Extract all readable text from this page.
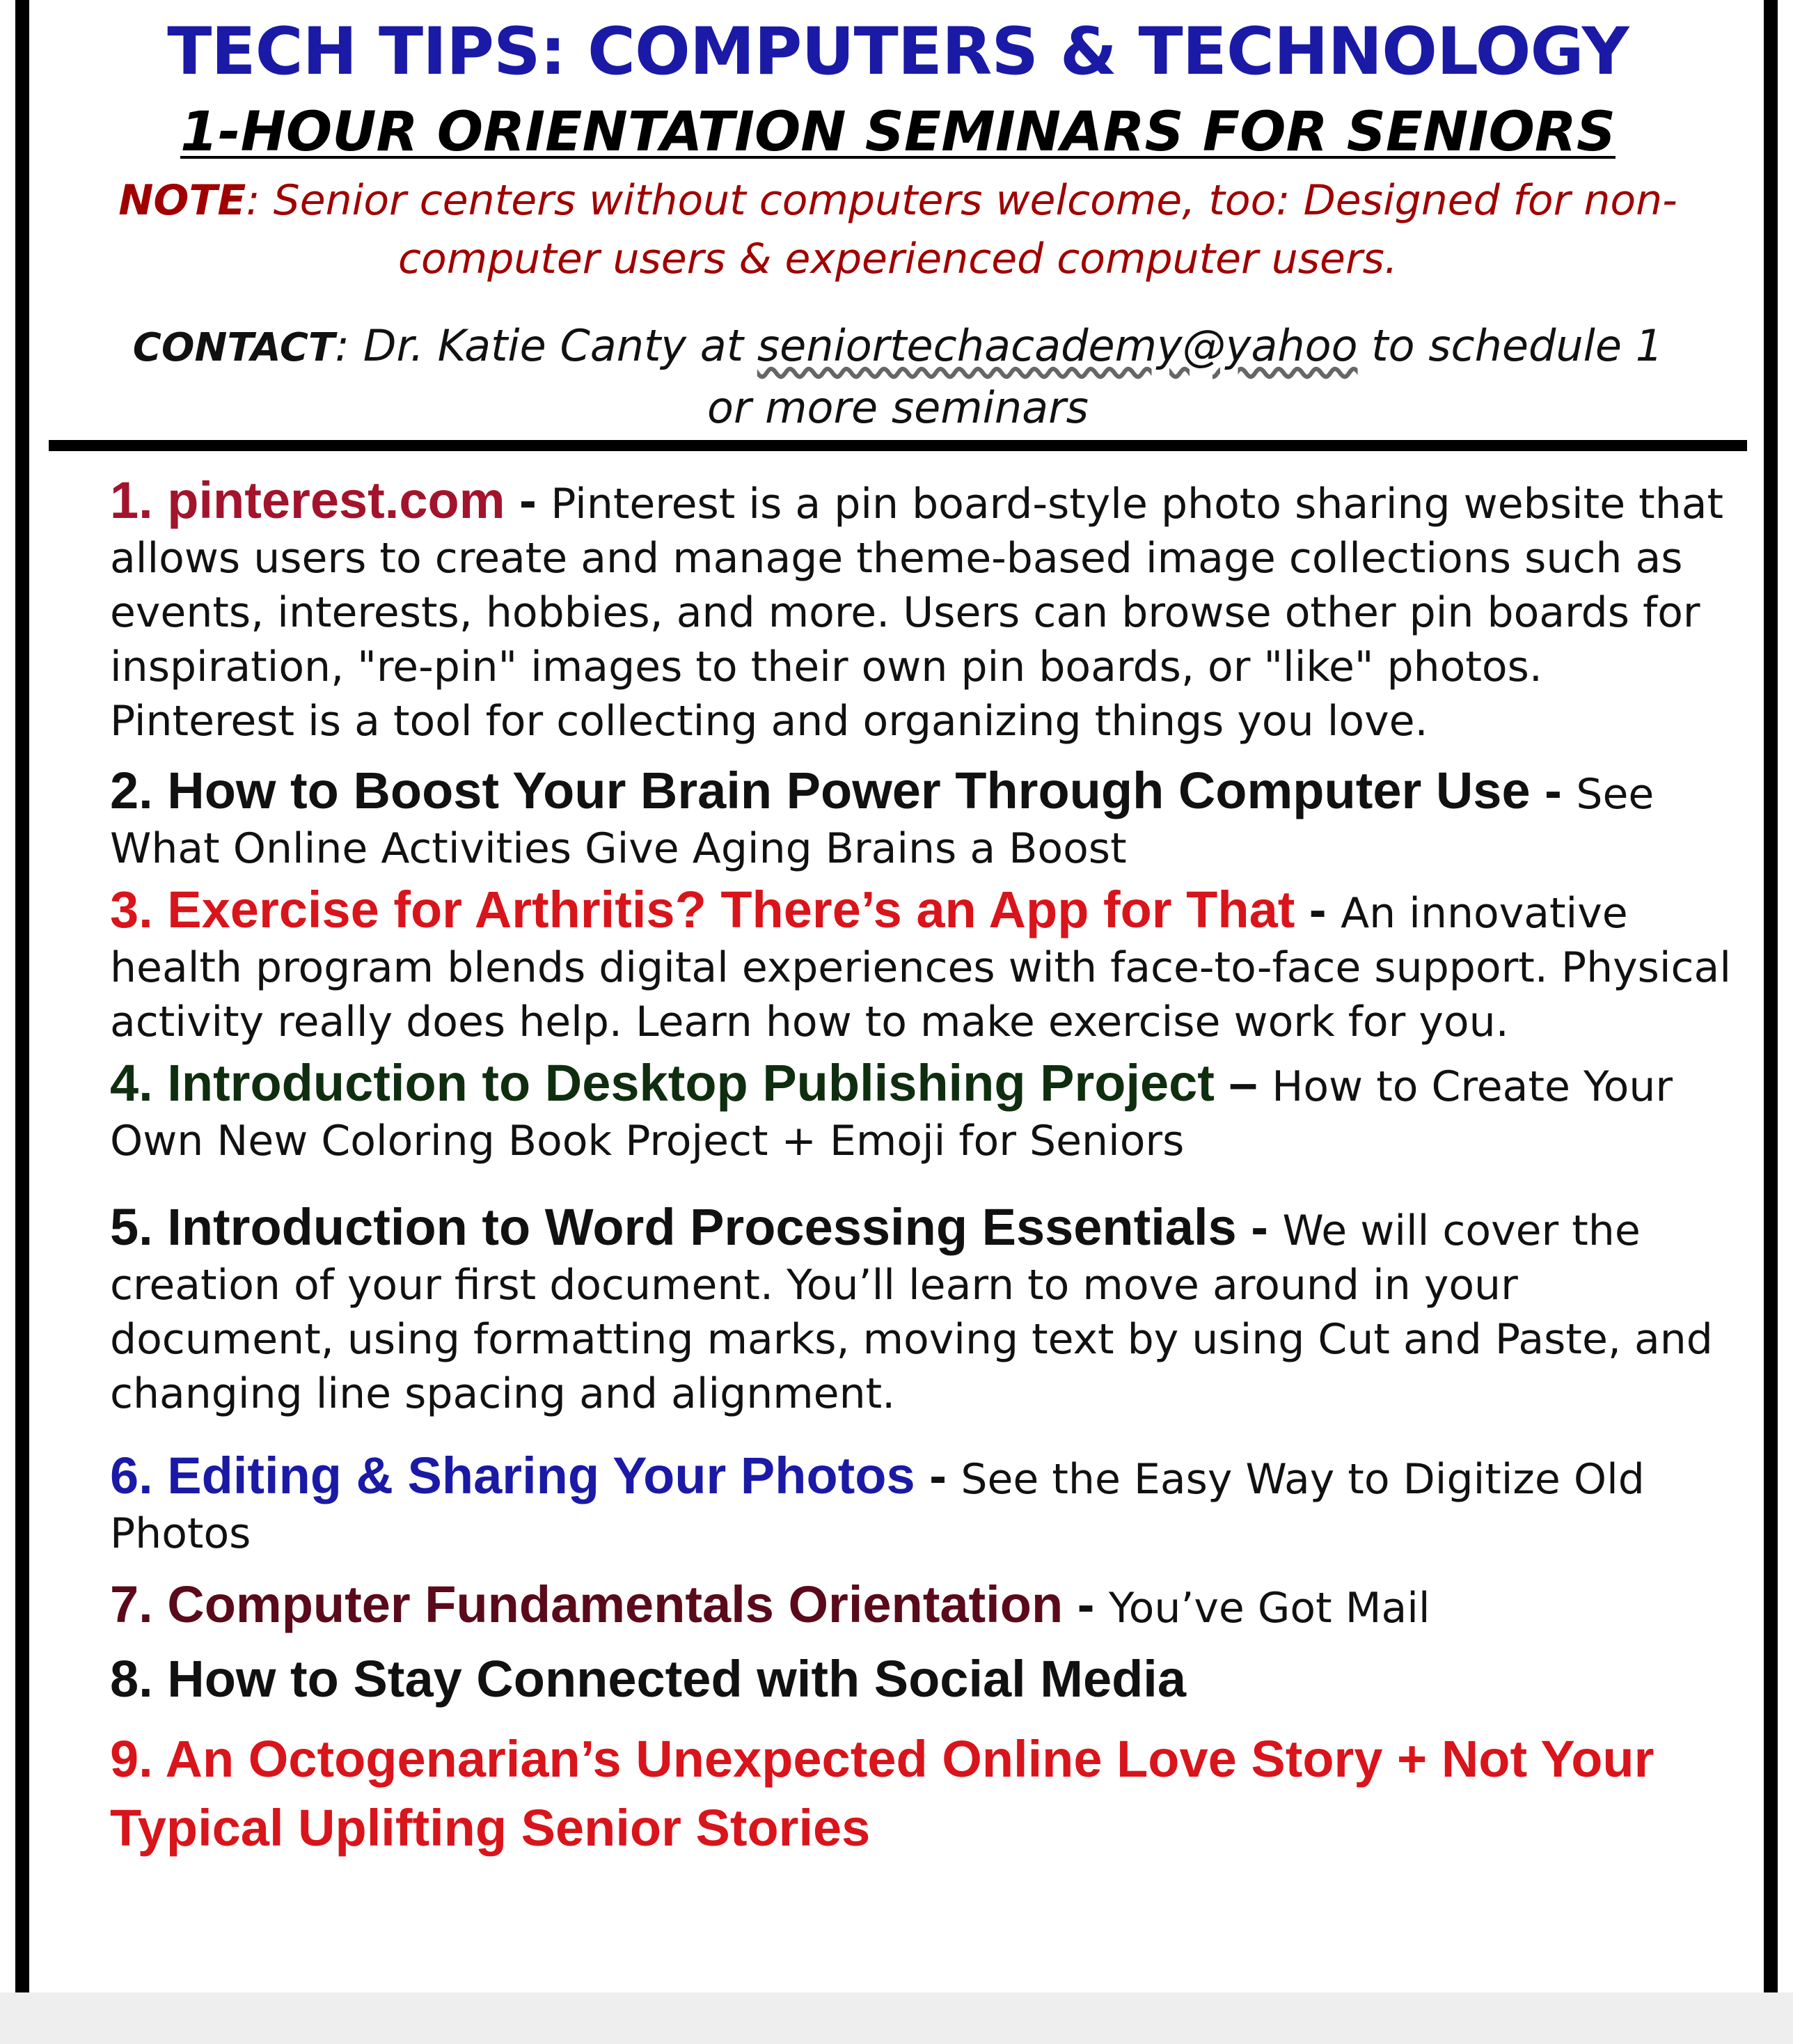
TECH TIPS: COMPUTERS & TECHNOLOGY
1-HOUR ORIENTATION SEMINARS FOR SENIORS
NOTE: Senior centers without computers welcome, too: Designed for non-computer users & experienced computer users.
CONTACT: Dr. Katie Canty at seniortechacademy@yahoo to schedule 1 or more seminars
1. pinterest.com - Pinterest is a pin board-style photo sharing website that allows users to create and manage theme-based image collections such as events, interests, hobbies, and more. Users can browse other pin boards for inspiration, "re-pin" images to their own pin boards, or "like" photos. Pinterest is a tool for collecting and organizing things you love.
2. How to Boost Your Brain Power Through Computer Use - See What Online Activities Give Aging Brains a Boost
3. Exercise for Arthritis? There’s an App for That - An innovative health program blends digital experiences with face-to-face support. Physical activity really does help. Learn how to make exercise work for you.
4. Introduction to Desktop Publishing Project – How to Create Your Own New Coloring Book Project + Emoji for Seniors
5. Introduction to Word Processing Essentials - We will cover the creation of your first document. You’ll learn to move around in your document, using formatting marks, moving text by using Cut and Paste, and changing line spacing and alignment.
6. Editing & Sharing Your Photos - See the Easy Way to Digitize Old Photos
7. Computer Fundamentals Orientation - You’ve Got Mail
8. How to Stay Connected with Social Media
9. An Octogenarian’s Unexpected Online Love Story + Not Your Typical Uplifting Senior Stories
